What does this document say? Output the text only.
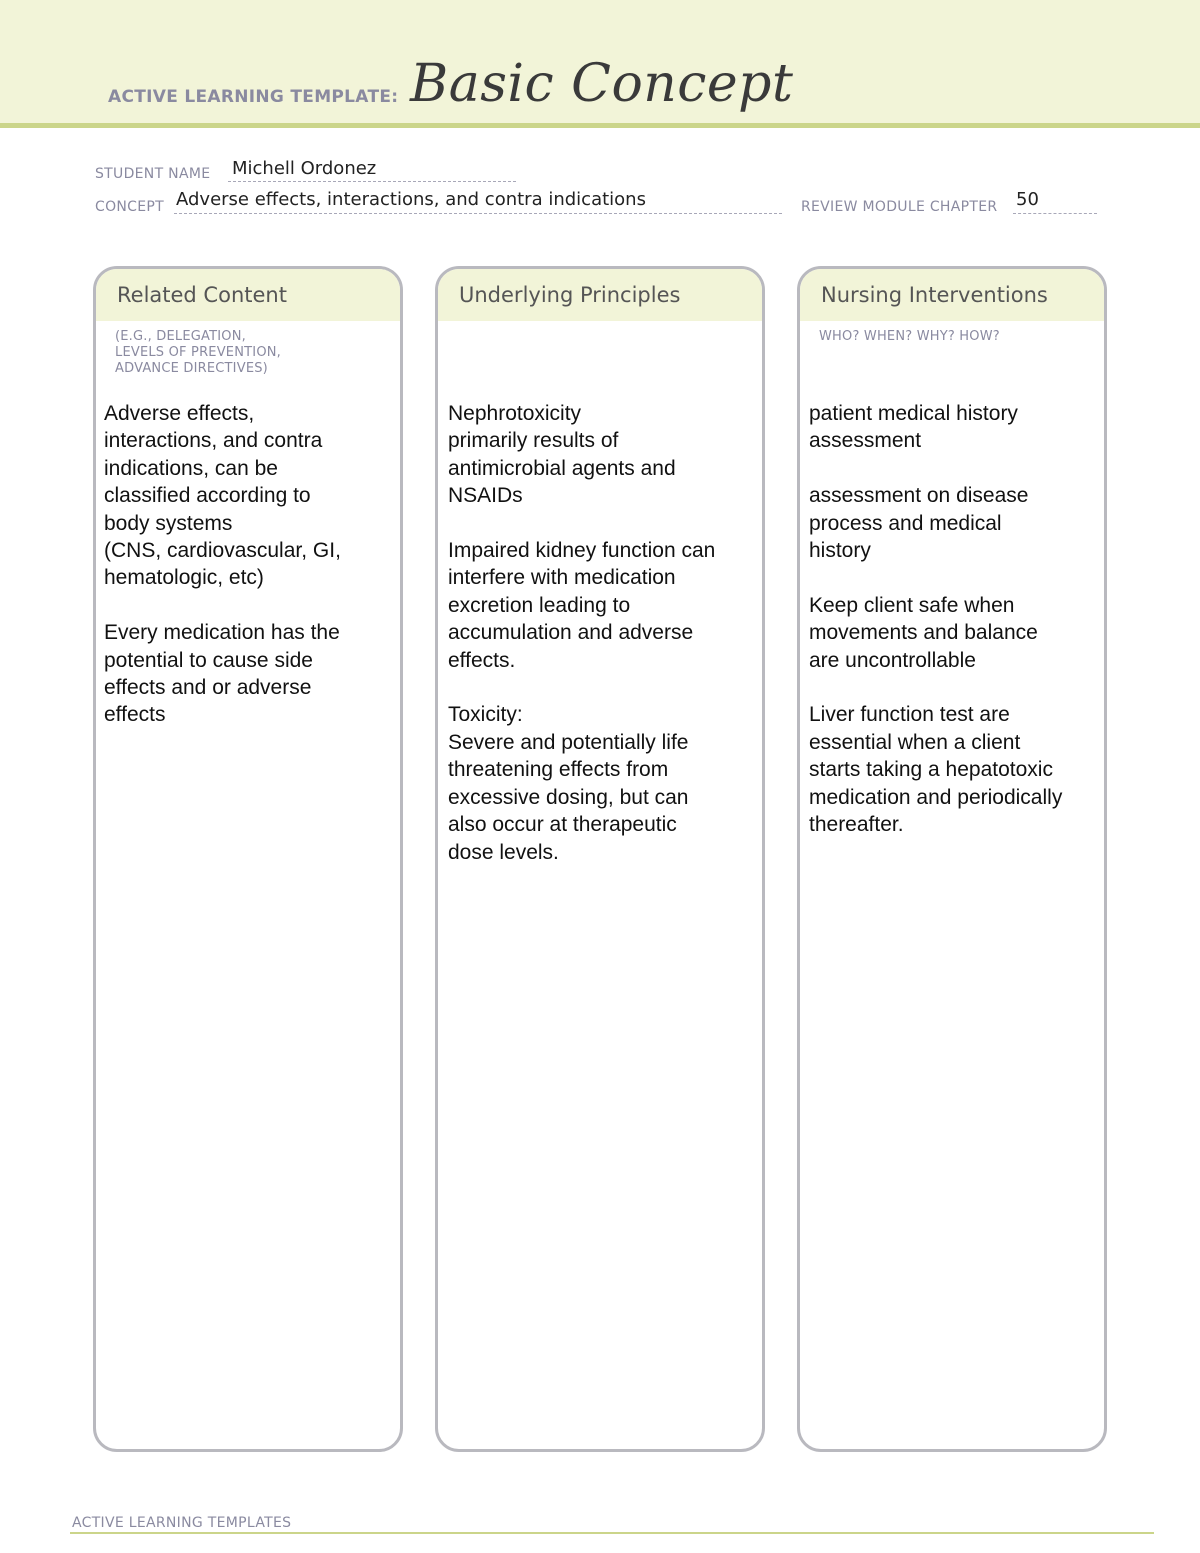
ACTIVE LEARNING TEMPLATE: Basic Concept
STUDENT NAME Michell Ordonez
CONCEPT Adverse effects, interactions, and contra indications	REVIEW MODULE CHAPTER 50
Related Content
(E.G., DELEGATION,
LEVELS OF PREVENTION,
ADVANCE DIRECTIVES)
Adverse effects,
interactions, and contra
indications, can be
classified according to
body systems
(CNS, cardiovascular, GI,
hematologic, etc)

Every medication has the
potential to cause side
effects and or adverse
effects
Underlying Principles
Nephrotoxicity
primarily results of
antimicrobial agents and
NSAIDs

Impaired kidney function can
interfere with medication
excretion leading to
accumulation and adverse
effects.

Toxicity:
Severe and potentially life
threatening effects from
excessive dosing, but can
also occur at therapeutic
dose levels.
Nursing Interventions
WHO? WHEN? WHY? HOW?
patient medical history
assessment

assessment on disease
process and medical
history

Keep client safe when
movements and balance
are uncontrollable

Liver function test are
essential when a client
starts taking a hepatotoxic
medication and periodically
thereafter.
ACTIVE LEARNING TEMPLATES
